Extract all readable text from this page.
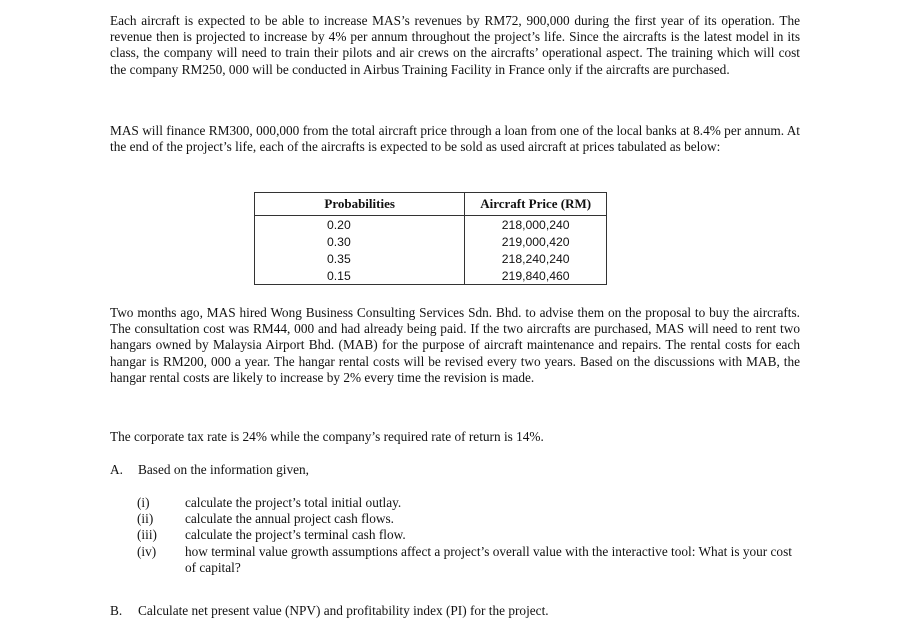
Each aircraft is expected to be able to increase MAS’s revenues by RM72, 900,000 during the first year of its operation. The revenue then is projected to increase by 4% per annum throughout the project’s life. Since the aircrafts is the latest model in its class, the company will need to train their pilots and air crews on the aircrafts’ operational aspect. The training which will cost the company RM250, 000 will be conducted in Airbus Training Facility in France only if the aircrafts are purchased.

MAS will finance RM300, 000,000 from the total aircraft price through a loan from one of the local banks at 8.4% per annum. At the end of the project’s life, each of the aircrafts is expected to be sold as used aircraft at prices tabulated as below:

Probabilities	Aircraft Price (RM)
0.20	218,000,240
0.30	219,000,420
0.35	218,240,240
0.15	219,840,460

Two months ago, MAS hired Wong Business Consulting Services Sdn. Bhd. to advise them on the proposal to buy the aircrafts. The consultation cost was RM44, 000 and had already being paid. If the two aircrafts are purchased, MAS will need to rent two hangars owned by Malaysia Airport Bhd. (MAB) for the purpose of aircraft maintenance and repairs. The rental costs for each hangar is RM200, 000 a year. The hangar rental costs will be revised every two years. Based on the discussions with MAB, the hangar rental costs are likely to increase by 2% every time the revision is made.

The corporate tax rate is 24% while the company’s required rate of return is 14%.

A. Based on the information given,

(i)	calculate the project’s total initial outlay.
(ii) calculate the annual project cash flows.
(iii) calculate the project’s terminal cash flow.
(iv) how terminal value growth assumptions affect a project’s overall value with the interactive tool: What is your cost of capital?

B. Calculate net present value (NPV) and profitability index (PI) for the project.
